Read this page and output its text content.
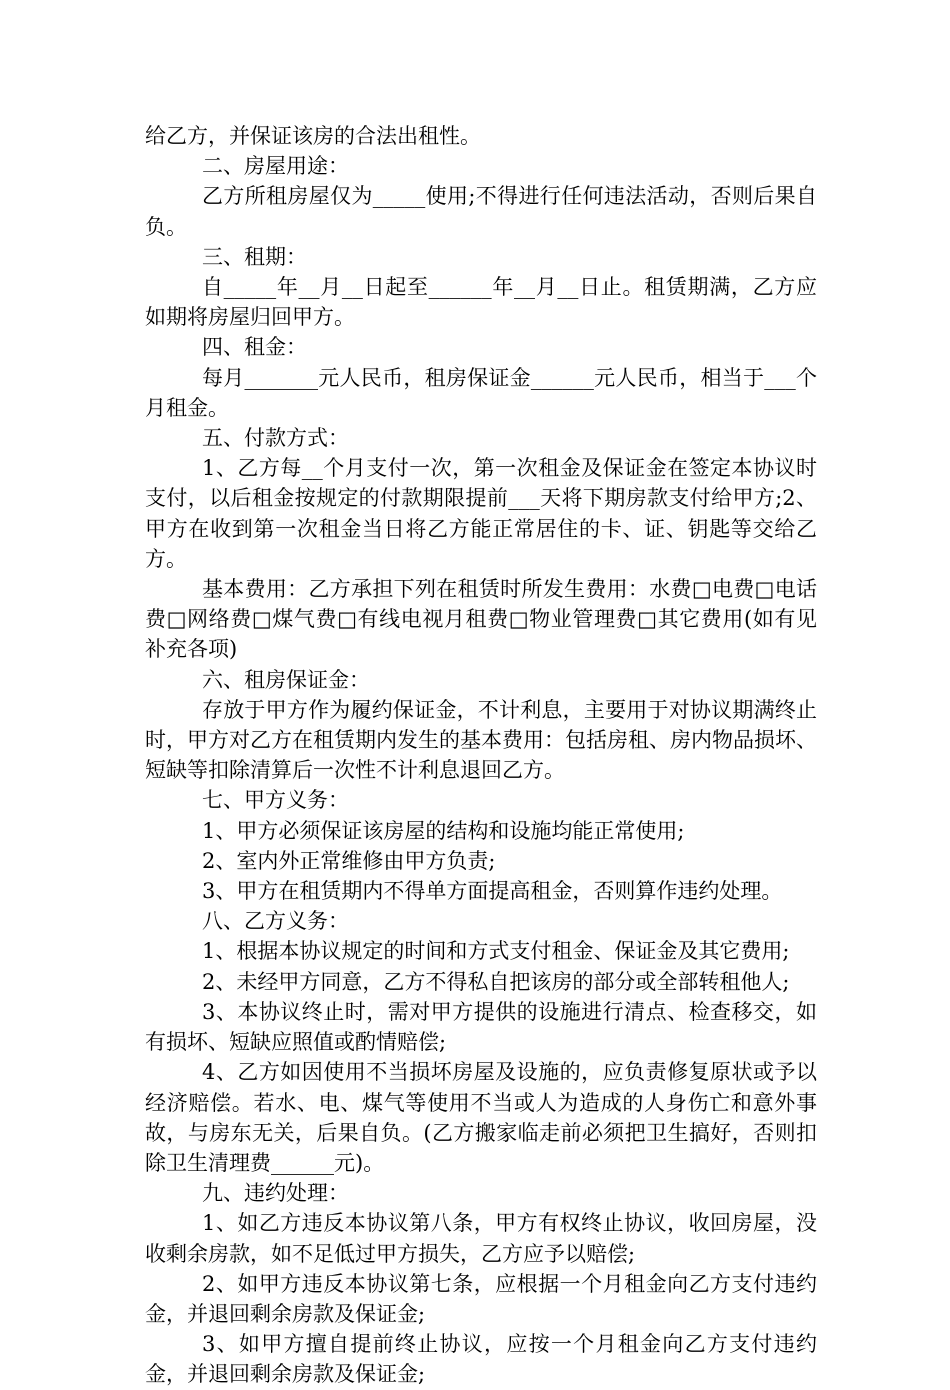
给乙方，并保证该房的合法出租性。

二、房屋用途：

乙方所租房屋仅为_____使用;不得进行任何违法活动，否则后果自负。

三、租期：

自_____年__月__日起至______年__月__日止。租赁期满，乙方应如期将房屋归回甲方。

四、租金：

每月_______元人民币，租房保证金______元人民币，相当于___个月租金。

五、付款方式：

1、乙方每__个月支付一次，第一次租金及保证金在签定本协议时支付，以后租金按规定的付款期限提前___天将下期房款支付给甲方;2、甲方在收到第一次租金当日将乙方能正常居住的卡、证、钥匙等交给乙方。

基本费用：乙方承担下列在租赁时所发生费用：水费□电费□电话费□网络费□煤气费□有线电视月租费□物业管理费□其它费用(如有见补充各项)

六、租房保证金：

存放于甲方作为履约保证金，不计利息，主要用于对协议期满终止时，甲方对乙方在租赁期内发生的基本费用：包括房租、房内物品损坏、短缺等扣除清算后一次性不计利息退回乙方。

七、甲方义务：

1、甲方必须保证该房屋的结构和设施均能正常使用;

2、室内外正常维修由甲方负责;

3、甲方在租赁期内不得单方面提高租金，否则算作违约处理。

八、乙方义务：

1、根据本协议规定的时间和方式支付租金、保证金及其它费用;

2、未经甲方同意，乙方不得私自把该房的部分或全部转租他人;

3、本协议终止时，需对甲方提供的设施进行清点、检查移交，如有损坏、短缺应照值或酌情赔偿;

4、乙方如因使用不当损坏房屋及设施的，应负责修复原状或予以经济赔偿。若水、电、煤气等使用不当或人为造成的人身伤亡和意外事故，与房东无关，后果自负。(乙方搬家临走前必须把卫生搞好，否则扣除卫生清理费______元)。

九、违约处理：

1、如乙方违反本协议第八条，甲方有权终止协议，收回房屋，没收剩余房款，如不足低过甲方损失，乙方应予以赔偿;

2、如甲方违反本协议第七条，应根据一个月租金向乙方支付违约金，并退回剩余房款及保证金;

3、如甲方擅自提前终止协议，应按一个月租金向乙方支付违约金，并退回剩余房款及保证金;
